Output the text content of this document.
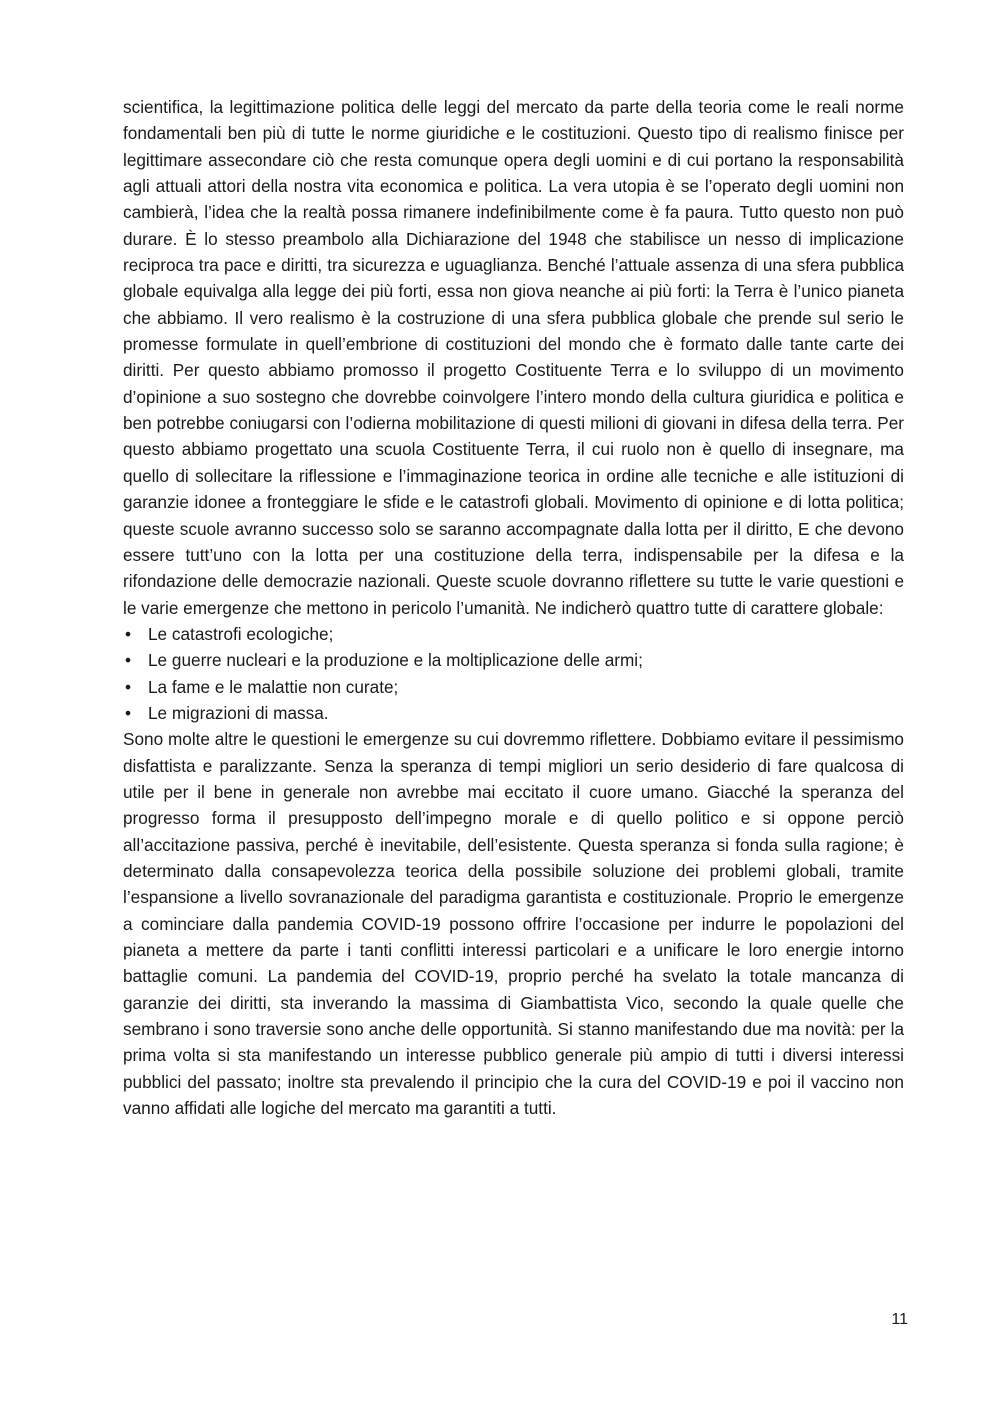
scientifica, la legittimazione politica delle leggi del mercato da parte della teoria come le reali norme fondamentali ben più di tutte le norme giuridiche e le costituzioni. Questo tipo di realismo finisce per legittimare assecondare ciò che resta comunque opera degli uomini e di cui portano la responsabilità agli attuali attori della nostra vita economica e politica. La vera utopia è se l’operato degli uomini non cambierà, l’idea che la realtà possa rimanere indefinibilmente come è fa paura. Tutto questo non può durare. È lo stesso preambolo alla Dichiarazione del 1948 che stabilisce un nesso di implicazione reciproca tra pace e diritti, tra sicurezza e uguaglianza. Benché l’attuale assenza di una sfera pubblica globale equivalga alla legge dei più forti, essa non giova neanche ai più forti: la Terra è l’unico pianeta che abbiamo. Il vero realismo è la costruzione di una sfera pubblica globale che prende sul serio le promesse formulate in quell’embrione di costituzioni del mondo che è formato dalle tante carte dei diritti. Per questo abbiamo promosso il progetto Costituente Terra e lo sviluppo di un movimento d’opinione a suo sostegno che dovrebbe coinvolgere l’intero mondo della cultura giuridica e politica e ben potrebbe coniugarsi con l’odierna mobilitazione di questi milioni di giovani in difesa della terra. Per questo abbiamo progettato una scuola Costituente Terra, il cui ruolo non è quello di insegnare, ma quello di sollecitare la riflessione e l’immaginazione teorica in ordine alle tecniche e alle istituzioni di garanzie idonee a fronteggiare le sfide e le catastrofi globali. Movimento di opinione e di lotta politica; queste scuole avranno successo solo se saranno accompagnate dalla lotta per il diritto, E che devono essere tutt’uno con la lotta per una costituzione della terra, indispensabile per la difesa e la rifondazione delle democrazie nazionali. Queste scuole dovranno riflettere su tutte le varie questioni e le varie emergenze che mettono in pericolo l’umanità. Ne indicherò quattro tutte di carattere globale:

• Le catastrofi ecologiche;
• Le guerre nucleari e la produzione e la moltiplicazione delle armi;
• La fame e le malattie non curate;
• Le migrazioni di massa.

Sono molte altre le questioni le emergenze su cui dovremmo riflettere. Dobbiamo evitare il pessimismo disfattista e paralizzante. Senza la speranza di tempi migliori un serio desiderio di fare qualcosa di utile per il bene in generale non avrebbe mai eccitato il cuore umano. Giacché la speranza del progresso forma il presupposto dell’impegno morale e di quello politico e si oppone perciò all’accitazione passiva, perché è inevitabile, dell’esistente. Questa speranza si fonda sulla ragione; è determinato dalla consapevolezza teorica della possibile soluzione dei problemi globali, tramite l’espansione a livello sovranazionale del paradigma garantista e costituzionale. Proprio le emergenze a cominciare dalla pandemia COVID-19 possono offrire l’occasione per indurre le popolazioni del pianeta a mettere da parte i tanti conflitti interessi particolari e a unificare le loro energie intorno battaglie comuni. La pandemia del COVID-19, proprio perché ha svelato la totale mancanza di garanzie dei diritti, sta inverando la massima di Giambattista Vico, secondo la quale quelle che sembrano i sono traversie sono anche delle opportunità. Si stanno manifestando due ma novità: per la prima volta si sta manifestando un interesse pubblico generale più ampio di tutti i diversi interessi pubblici del passato; inoltre sta prevalendo il principio che la cura del COVID-19 e poi il vaccino non vanno affidati alle logiche del mercato ma garantiti a tutti.

11
